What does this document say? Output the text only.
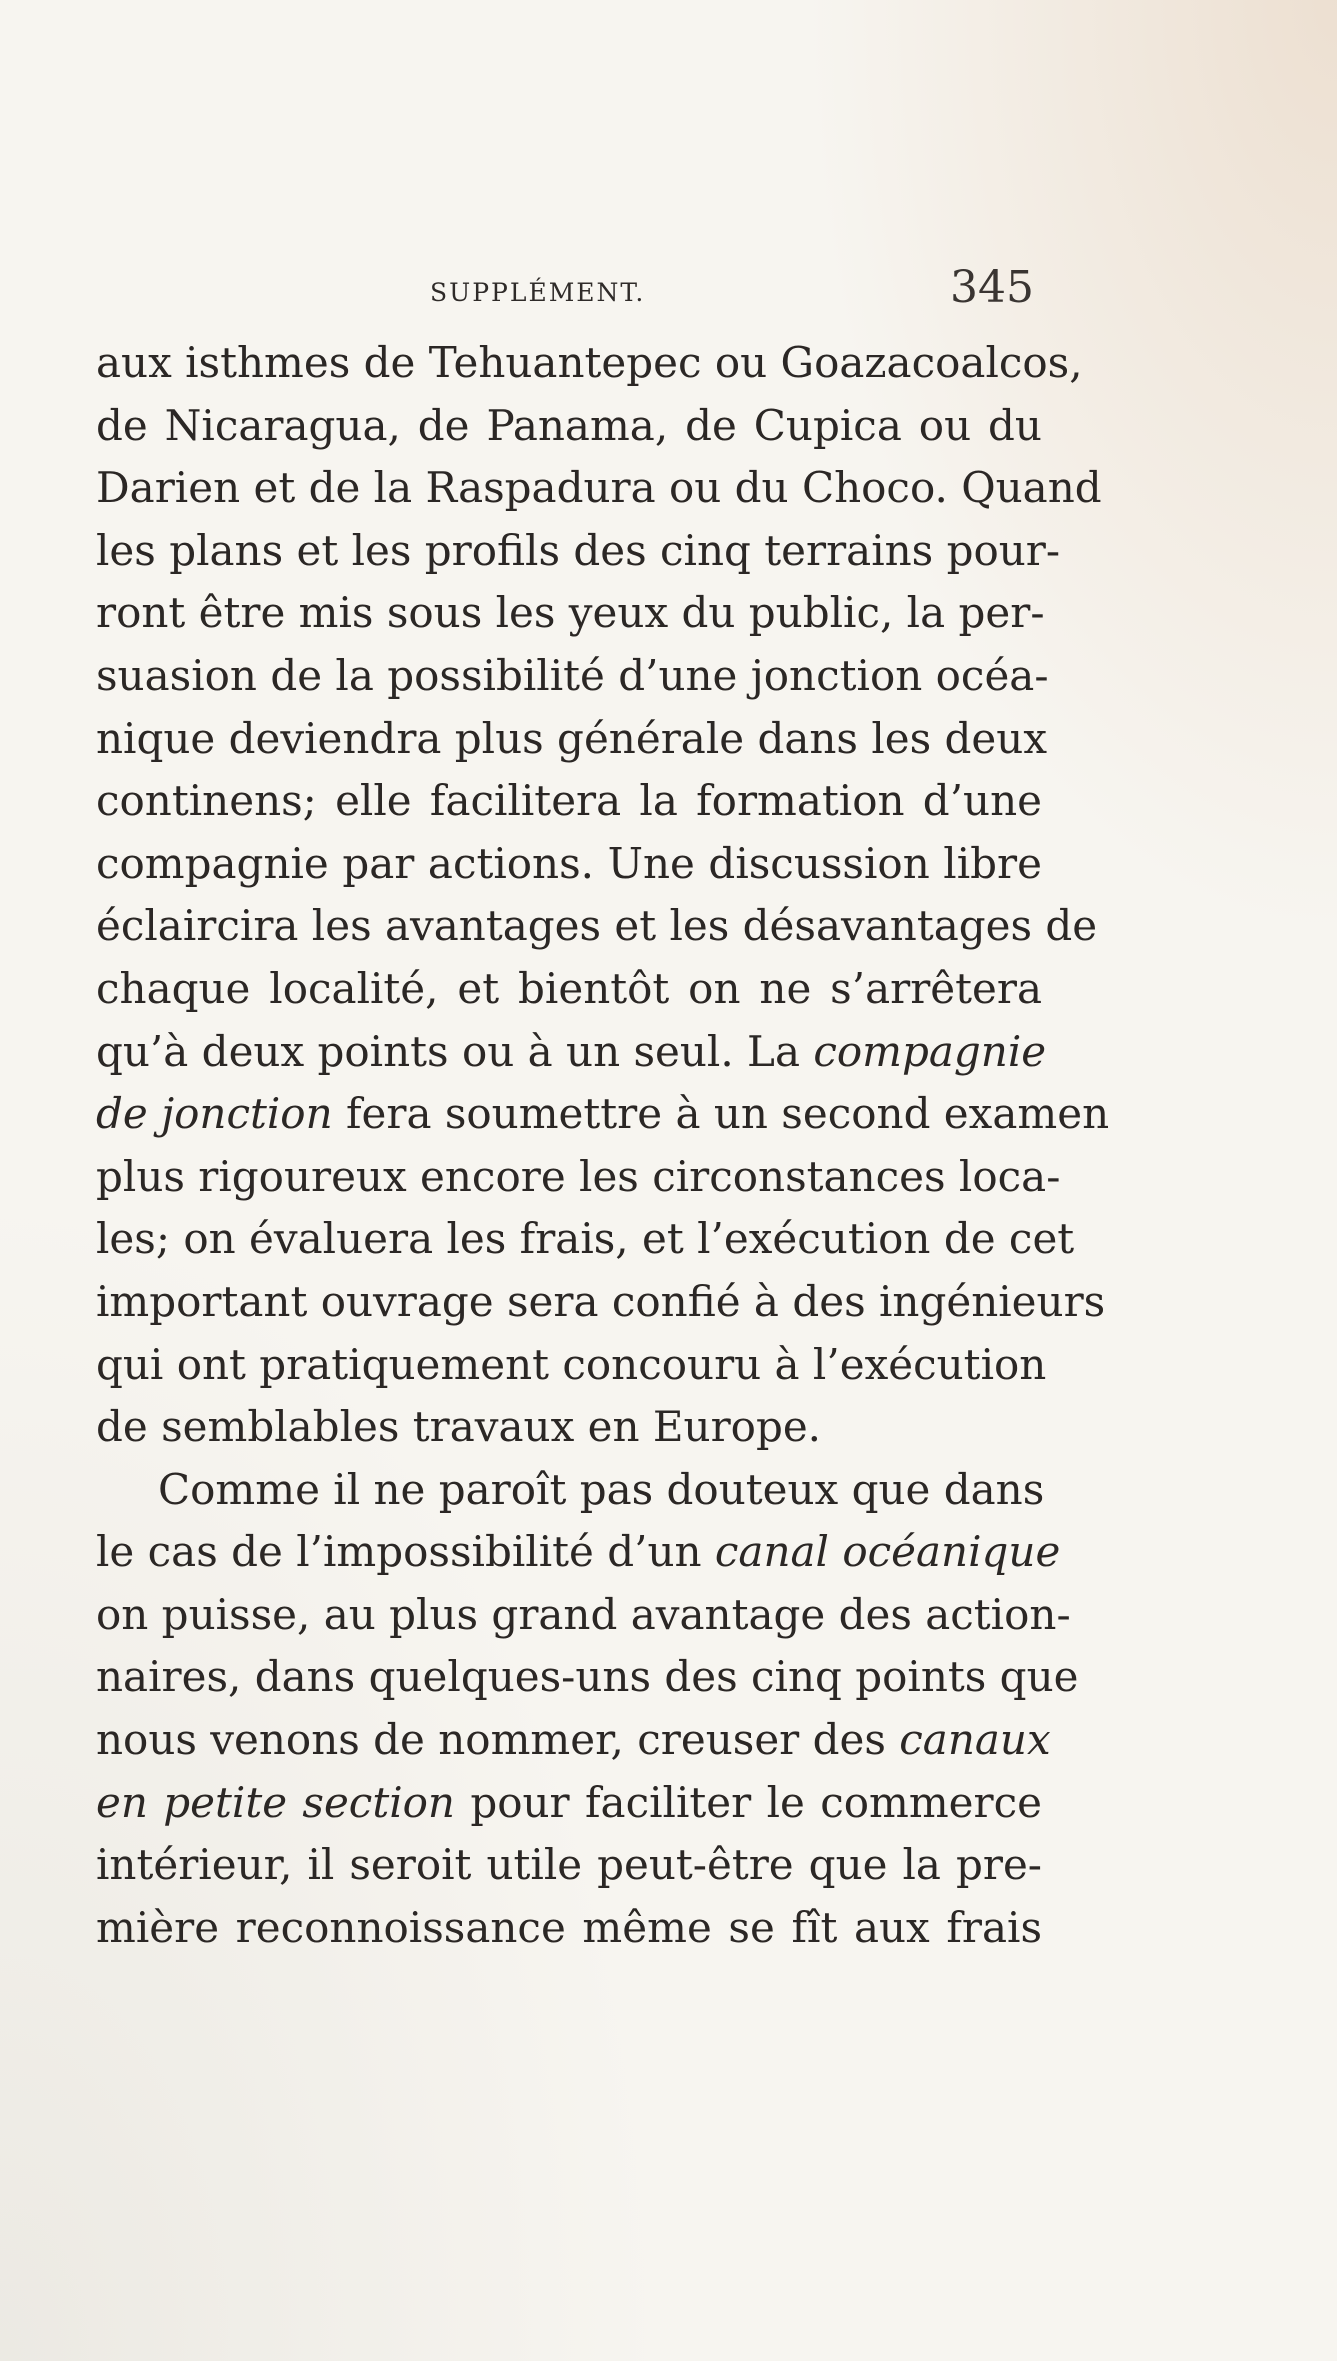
SUPPLÉMENT.	345
aux isthmes de Tehuantepec ou Goazacoalcos,
de Nicaragua, de Panama, de Cupica ou du
Darien et de la Raspadura ou du Choco. Quand
les plans et les profils des cinq terrains pour-
ront être mis sous les yeux du public, la per-
suasion de la possibilité d’une jonction océa-
nique deviendra plus générale dans les deux
continens; elle facilitera la formation d’une
compagnie par actions. Une discussion libre
éclaircira les avantages et les désavantages de
chaque localité, et bientôt on ne s’arrêtera
qu’à deux points ou à un seul. La compagnie
de jonction fera soumettre à un second examen
plus rigoureux encore les circonstances loca-
les; on évaluera les frais, et l’exécution de cet
important ouvrage sera confié à des ingénieurs
qui ont pratiquement concouru à l’exécution
de semblables travaux en Europe.
Comme il ne paroît pas douteux que dans
le cas de l’impossibilité d’un canal océanique
on puisse, au plus grand avantage des action-
naires, dans quelques-uns des cinq points que
nous venons de nommer, creuser des canaux
en petite section pour faciliter le commerce
intérieur, il seroit utile peut-être que la pre-
mière reconnoissance même se fît aux frais
